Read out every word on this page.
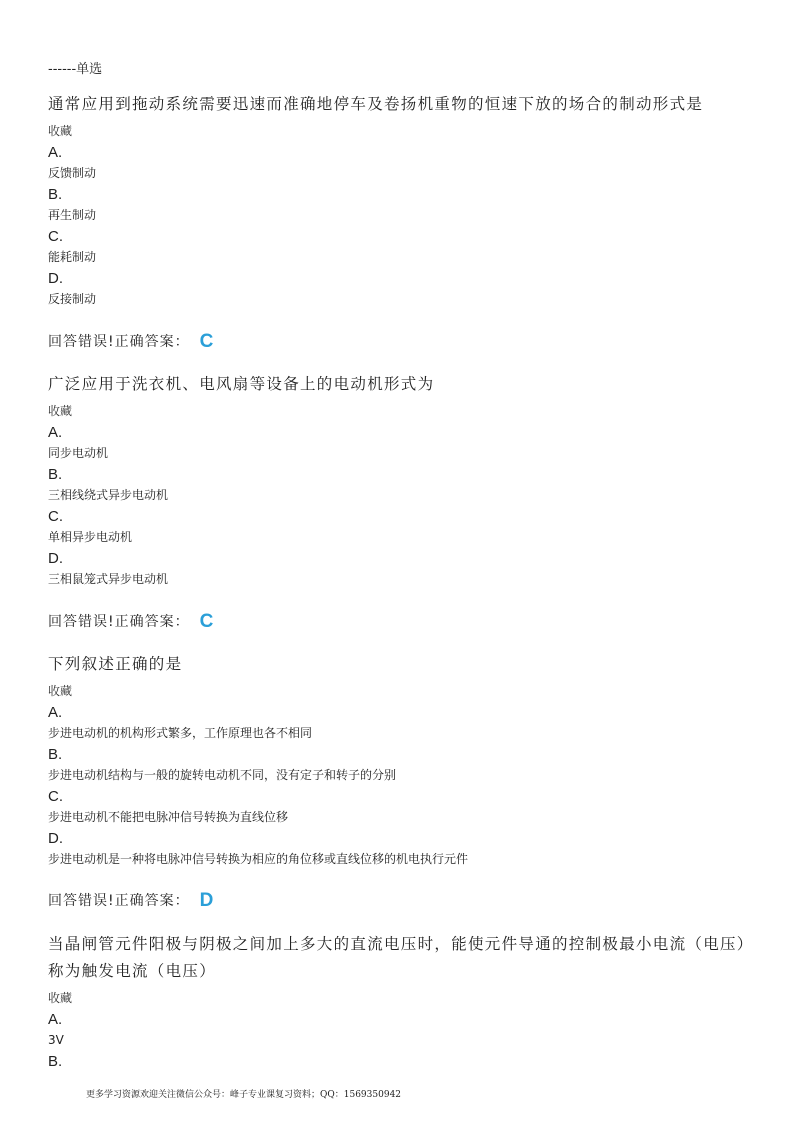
------单选
通常应用到拖动系统需要迅速而准确地停车及卷扬机重物的恒速下放的场合的制动形式是
收藏
A.
反馈制动
B.
再生制动
C.
能耗制动
D.
反接制动
回答错误!正确答案： C
广泛应用于洗衣机、电风扇等设备上的电动机形式为
收藏
A.
同步电动机
B.
三相线绕式异步电动机
C.
单相异步电动机
D.
三相鼠笼式异步电动机
回答错误!正确答案： C
下列叙述正确的是
收藏
A.
步进电动机的机构形式繁多，工作原理也各不相同
B.
步进电动机结构与一般的旋转电动机不同，没有定子和转子的分别
C.
步进电动机不能把电脉冲信号转换为直线位移
D.
步进电动机是一种将电脉冲信号转换为相应的角位移或直线位移的机电执行元件
回答错误!正确答案： D
当晶闸管元件阳极与阴极之间加上多大的直流电压时，能使元件导通的控制极最小电流（电压）称为触发电流（电压）
收藏
A.
3V
B.
更多学习资源欢迎关注微信公众号：峰子专业课复习资料；QQ：1569350942
